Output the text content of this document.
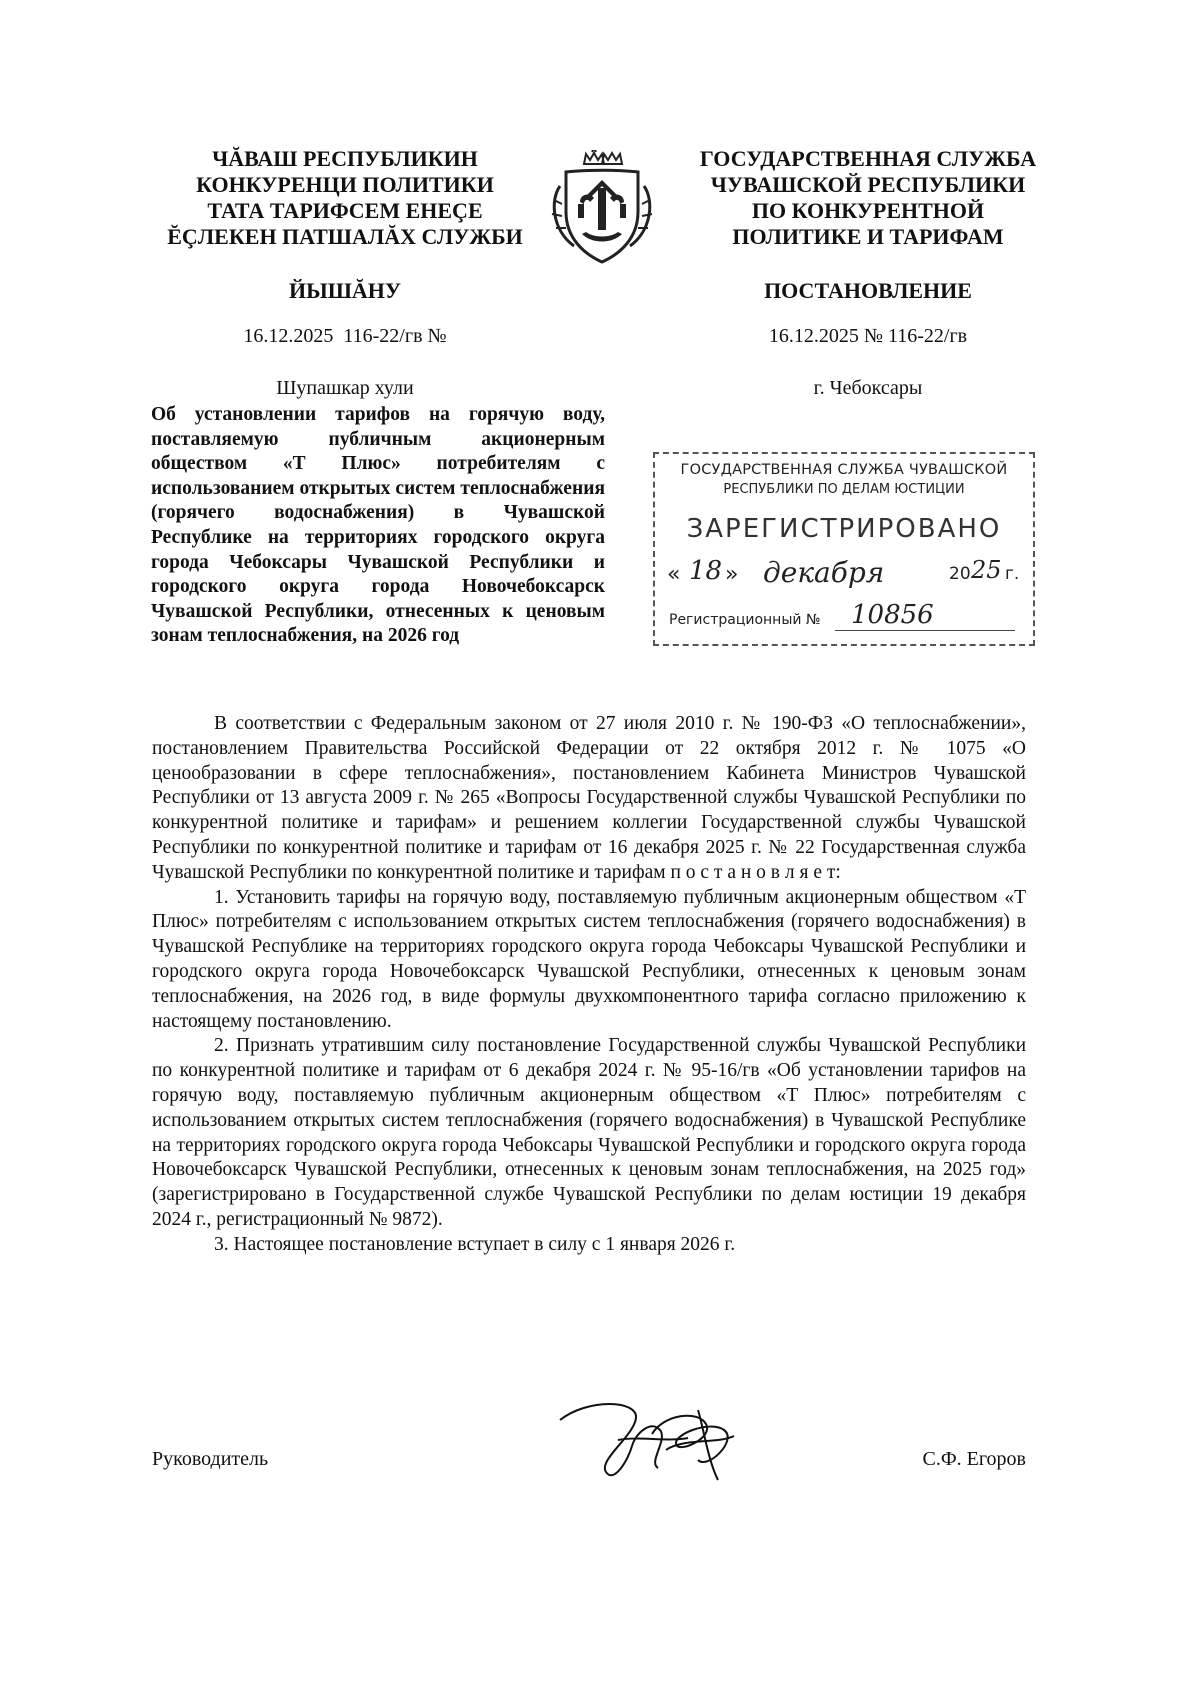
ЧĂВАШ РЕСПУБЛИКИН
КОНКУРЕНЦИ ПОЛИТИКИ
ТАТА ТАРИФСЕМ ЕНЕÇЕ
ĔÇЛЕКЕН ПАТШАЛĂХ СЛУЖБИ
ГОСУДАРСТВЕННАЯ СЛУЖБА
ЧУВАШСКОЙ РЕСПУБЛИКИ
ПО КОНКУРЕНТНОЙ
ПОЛИТИКЕ И ТАРИФАМ
ЙЫШĂНУ	ПОСТАНОВЛЕНИЕ
16.12.2025  116-22/гв №	16.12.2025 № 116-22/гв
Шупашкар хули	г. Чебоксары
Об установлении тарифов на горячую воду, поставляемую публичным акционерным обществом «Т Плюс» потребителям с использованием открытых систем теплоснабжения (горячего водоснабжения) в Чувашской Республике на территориях городского округа города Чебоксары Чувашской Республики и городского округа города Новочебоксарск Чувашской Республики, отнесенных к ценовым зонам теплоснабжения, на 2026 год
ГОСУДАРСТВЕННАЯ СЛУЖБА ЧУВАШСКОЙ
РЕСПУБЛИКИ ПО ДЕЛАМ ЮСТИЦИИ
ЗАРЕГИСТРИРОВАНО
« 18 » декабря	20 25 г.
Регистрационный № 10856

В соответствии с Федеральным законом от 27 июля 2010 г. № 190-ФЗ «О теплоснабжении», постановлением Правительства Российской Федерации от 22 октября 2012 г. № 1075 «О ценообразовании в сфере теплоснабжения», постановлением Кабинета Министров Чувашской Республики от 13 августа 2009 г. № 265 «Вопросы Государственной службы Чувашской Республики по конкурентной политике и тарифам» и решением коллегии Государственной службы Чувашской Республики по конкурентной политике и тарифам от 16 декабря 2025 г. № 22 Государственная служба Чувашской Республики по конкурентной политике и тарифам п о с т а н о в л я е т:

1. Установить тарифы на горячую воду, поставляемую публичным акционерным обществом «Т Плюс» потребителям с использованием открытых систем теплоснабжения (горячего водоснабжения) в Чувашской Республике на территориях городского округа города Чебоксары Чувашской Республики и городского округа города Новочебоксарск Чувашской Республики, отнесенных к ценовым зонам теплоснабжения, на 2026 год, в виде формулы двухкомпонентного тарифа согласно приложению к настоящему постановлению.

2. Признать утратившим силу постановление Государственной службы Чувашской Республики по конкурентной политике и тарифам от 6 декабря 2024 г. № 95-16/гв «Об установлении тарифов на горячую воду, поставляемую публичным акционерным обществом «Т Плюс» потребителям с использованием открытых систем теплоснабжения (горячего водоснабжения) в Чувашской Республике на территориях городского округа города Чебоксары Чувашской Республики и городского округа города Новочебоксарск Чувашской Республики, отнесенных к ценовым зонам теплоснабжения, на 2025 год» (зарегистрировано в Государственной службе Чувашской Республики по делам юстиции 19 декабря 2024 г., регистрационный № 9872).

3. Настоящее постановление вступает в силу с 1 января 2026 г.

Руководитель	С.Ф. Егоров
